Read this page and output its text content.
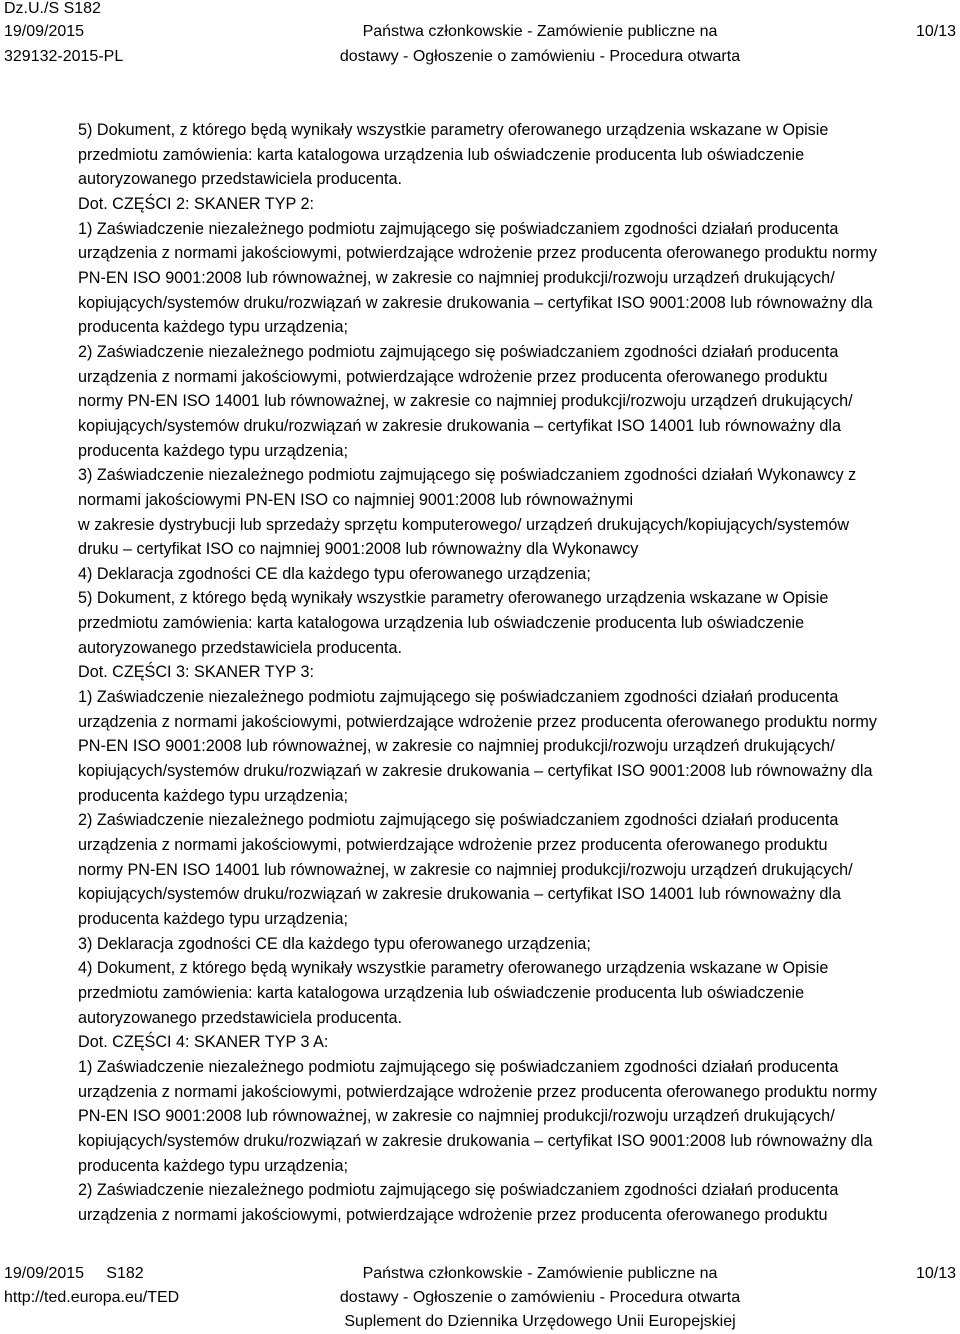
Dz.U./S S182
19/09/2015
329132-2015-PL
Państwa członkowskie - Zamówienie publiczne na
dostawy - Ogłoszenie o zamówieniu - Procedura otwarta
10/13
5) Dokument, z którego będą wynikały wszystkie parametry oferowanego urządzenia wskazane w Opisie
przedmiotu zamówienia: karta katalogowa urządzenia lub oświadczenie producenta lub oświadczenie
autoryzowanego przedstawiciela producenta.
Dot. CZĘŚCI 2: SKANER TYP 2:
1) Zaświadczenie niezależnego podmiotu zajmującego się poświadczaniem zgodności działań producenta
urządzenia z normami jakościowymi, potwierdzające wdrożenie przez producenta oferowanego produktu normy
PN-EN ISO 9001:2008 lub równoważnej, w zakresie co najmniej produkcji/rozwoju urządzeń drukujących/
kopiujących/systemów druku/rozwiązań w zakresie drukowania – certyfikat ISO 9001:2008 lub równoważny dla
producenta każdego typu urządzenia;
2) Zaświadczenie niezależnego podmiotu zajmującego się poświadczaniem zgodności działań producenta
urządzenia z normami jakościowymi, potwierdzające wdrożenie przez producenta oferowanego produktu
normy PN-EN ISO 14001 lub równoważnej, w zakresie co najmniej produkcji/rozwoju urządzeń drukujących/
kopiujących/systemów druku/rozwiązań w zakresie drukowania – certyfikat ISO 14001 lub równoważny dla
producenta każdego typu urządzenia;
3) Zaświadczenie niezależnego podmiotu zajmującego się poświadczaniem zgodności działań Wykonawcy z
normami jakościowymi PN-EN ISO co najmniej 9001:2008 lub równoważnymi
w zakresie dystrybucji lub sprzedaży sprzętu komputerowego/ urządzeń drukujących/kopiujących/systemów
druku – certyfikat ISO co najmniej 9001:2008 lub równoważny dla Wykonawcy
4) Deklaracja zgodności CE dla każdego typu oferowanego urządzenia;
5) Dokument, z którego będą wynikały wszystkie parametry oferowanego urządzenia wskazane w Opisie
przedmiotu zamówienia: karta katalogowa urządzenia lub oświadczenie producenta lub oświadczenie
autoryzowanego przedstawiciela producenta.
Dot. CZĘŚCI 3: SKANER TYP 3:
1) Zaświadczenie niezależnego podmiotu zajmującego się poświadczaniem zgodności działań producenta
urządzenia z normami jakościowymi, potwierdzające wdrożenie przez producenta oferowanego produktu normy
PN-EN ISO 9001:2008 lub równoważnej, w zakresie co najmniej produkcji/rozwoju urządzeń drukujących/
kopiujących/systemów druku/rozwiązań w zakresie drukowania – certyfikat ISO 9001:2008 lub równoważny dla
producenta każdego typu urządzenia;
2) Zaświadczenie niezależnego podmiotu zajmującego się poświadczaniem zgodności działań producenta
urządzenia z normami jakościowymi, potwierdzające wdrożenie przez producenta oferowanego produktu
normy PN-EN ISO 14001 lub równoważnej, w zakresie co najmniej produkcji/rozwoju urządzeń drukujących/
kopiujących/systemów druku/rozwiązań w zakresie drukowania – certyfikat ISO 14001 lub równoważny dla
producenta każdego typu urządzenia;
3) Deklaracja zgodności CE dla każdego typu oferowanego urządzenia;
4) Dokument, z którego będą wynikały wszystkie parametry oferowanego urządzenia wskazane w Opisie
przedmiotu zamówienia: karta katalogowa urządzenia lub oświadczenie producenta lub oświadczenie
autoryzowanego przedstawiciela producenta.
Dot. CZĘŚCI 4: SKANER TYP 3 A:
1) Zaświadczenie niezależnego podmiotu zajmującego się poświadczaniem zgodności działań producenta
urządzenia z normami jakościowymi, potwierdzające wdrożenie przez producenta oferowanego produktu normy
PN-EN ISO 9001:2008 lub równoważnej, w zakresie co najmniej produkcji/rozwoju urządzeń drukujących/
kopiujących/systemów druku/rozwiązań w zakresie drukowania – certyfikat ISO 9001:2008 lub równoważny dla
producenta każdego typu urządzenia;
2) Zaświadczenie niezależnego podmiotu zajmującego się poświadczaniem zgodności działań producenta
urządzenia z normami jakościowymi, potwierdzające wdrożenie przez producenta oferowanego produktu
19/09/2015     S182
http://ted.europa.eu/TED
Państwa członkowskie - Zamówienie publiczne na
dostawy - Ogłoszenie o zamówieniu - Procedura otwarta
Suplement do Dziennika Urzędowego Unii Europejskiej
10/13
